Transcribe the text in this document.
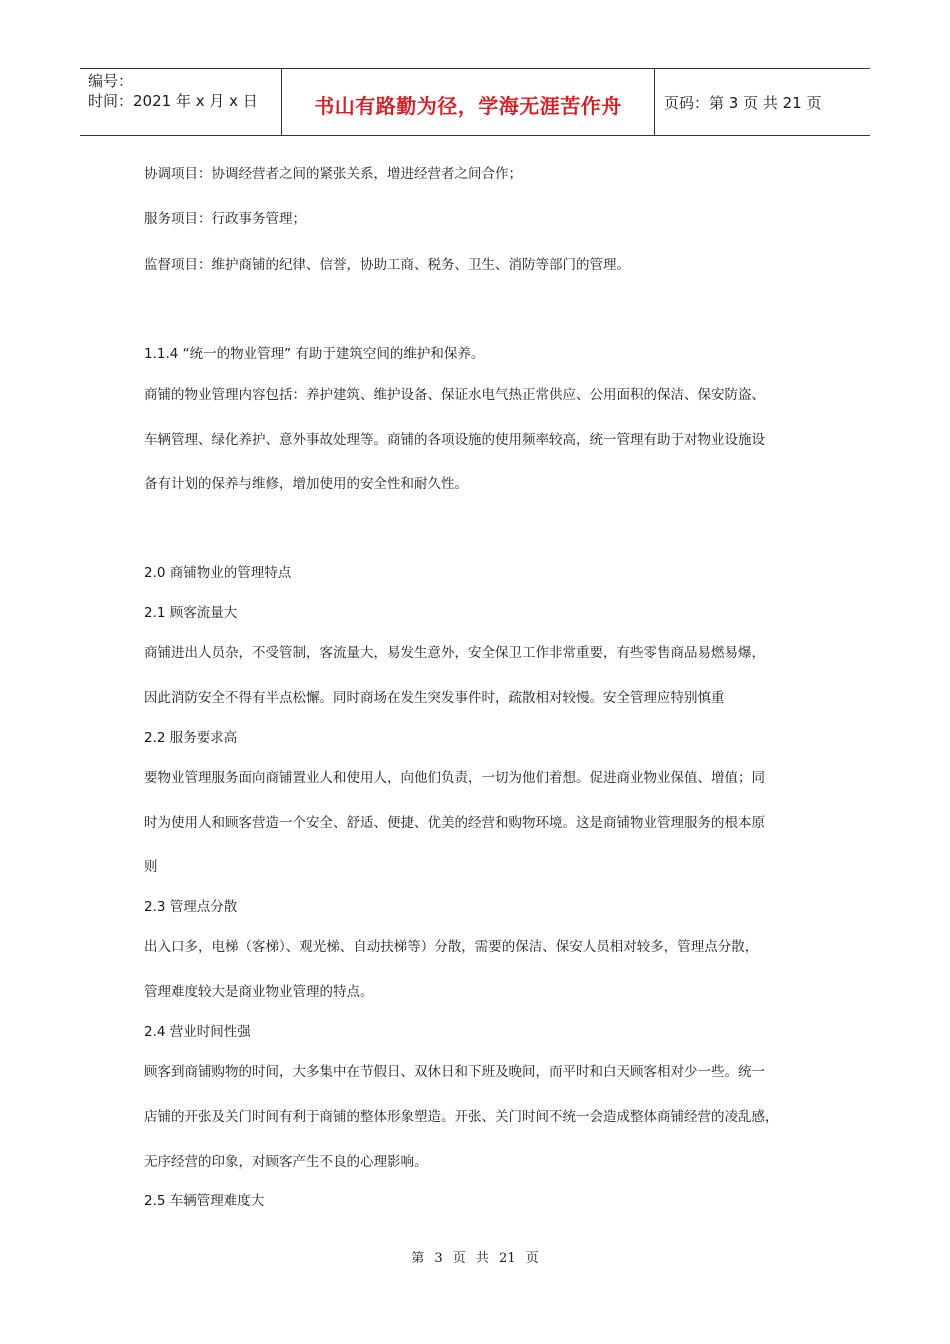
编号：
时间：2021 年 x 月 x 日	书山有路勤为径，学海无涯苦作舟	页码：第 3 页 共 21 页
协调项目：协调经营者之间的紧张关系，增进经营者之间合作；
服务项目：行政事务管理；
监督项目：维护商铺的纪律、信誉，协助工商、税务、卫生、消防等部门的管理。
1.1.4 “统一的物业管理” 有助于建筑空间的维护和保养。
商铺的物业管理内容包括：养护建筑、维护设备、保证水电气热正常供应、公用面积的保洁、保安防盗、
车辆管理、绿化养护、意外事故处理等。商铺的各项设施的使用频率较高，统一管理有助于对物业设施设
备有计划的保养与维修，增加使用的安全性和耐久性。
2.0 商铺物业的管理特点
2.1 顾客流量大
商铺进出人员杂，不受管制，客流量大，易发生意外，安全保卫工作非常重要，有些零售商品易燃易爆，
因此消防安全不得有半点松懈。同时商场在发生突发事件时，疏散相对较慢。安全管理应特别慎重
2.2 服务要求高
要物业管理服务面向商铺置业人和使用人，向他们负责，一切为他们着想。促进商业物业保值、增值；同
时为使用人和顾客营造一个安全、舒适、便捷、优美的经营和购物环境。这是商铺物业管理服务的根本原
则
2.3 管理点分散
出入口多，电梯（客梯）、观光梯、自动扶梯等）分散，需要的保洁、保安人员相对较多，管理点分散，
管理难度较大是商业物业管理的特点。
2.4 营业时间性强
顾客到商铺购物的时间，大多集中在节假日、双休日和下班及晚间，而平时和白天顾客相对少一些。统一
店铺的开张及关门时间有利于商铺的整体形象塑造。开张、关门时间不统一会造成整体商铺经营的凌乱感，
无序经营的印象，对顾客产生不良的心理影响。
2.5 车辆管理难度大
第 3 页 共 21 页
